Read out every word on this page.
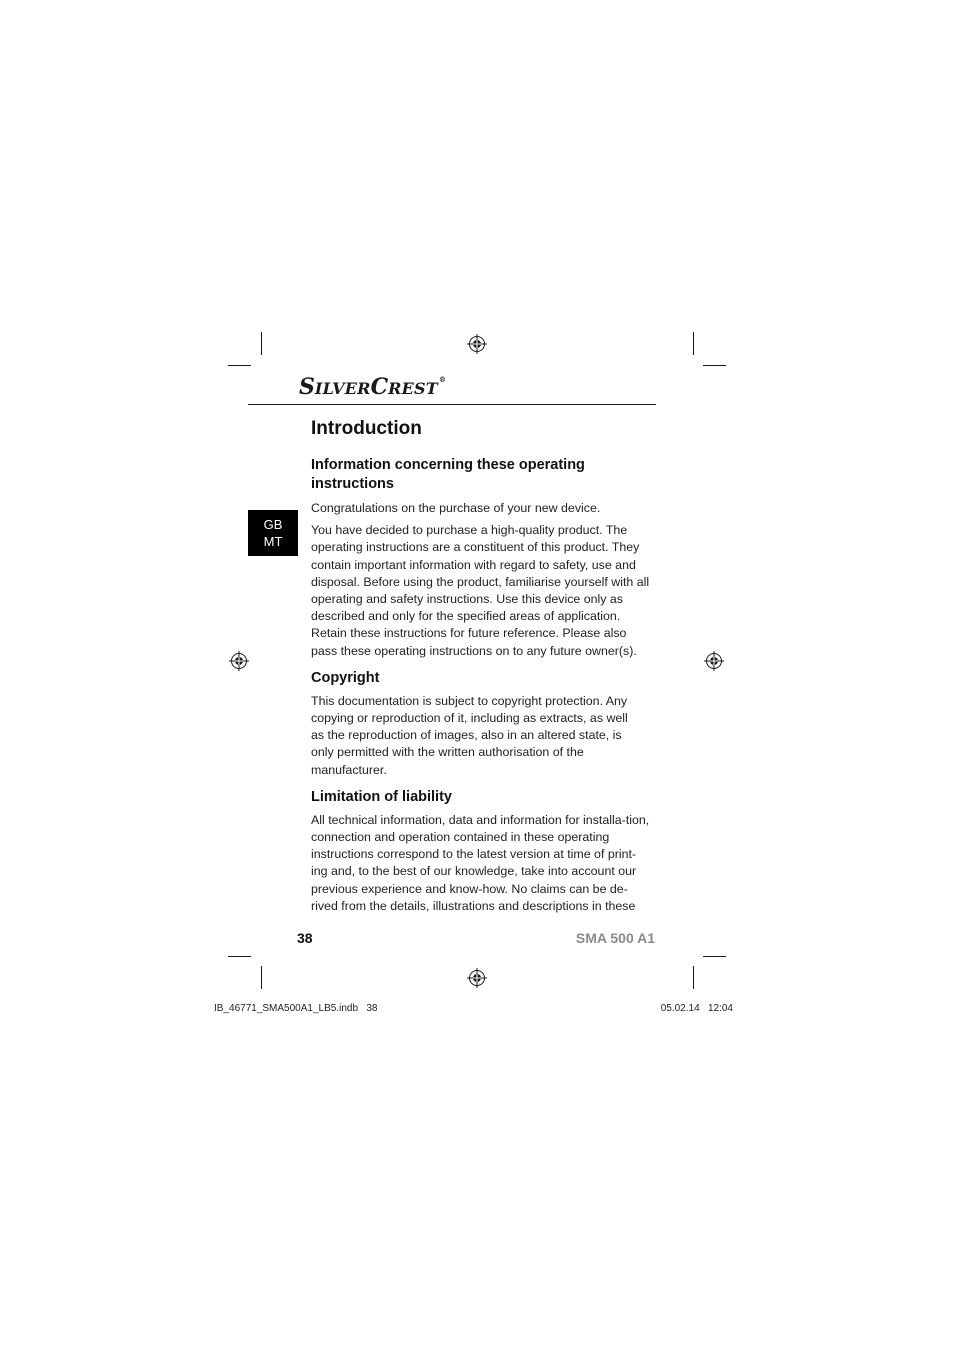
SILVERCREST®
GB
MT
Introduction
Information concerning these operating instructions

Congratulations on the purchase of your new device.

You have decided to purchase a high-quality product. The operating instructions are a constituent of this product. They contain important information with regard to safety, use and disposal. Before using the product, familiarise yourself with all operating and safety instructions. Use this device only as described and only for the specified areas of application. Retain these instructions for future reference. Please also pass these operating instructions on to any future owner(s).

Copyright

This documentation is subject to copyright protection. Any copying or reproduction of it, including as extracts, as well as the reproduction of images, also in an altered state, is only permitted with the written authorisation of the manufacturer.

Limitation of liability

All technical information, data and information for installa-tion, connection and operation contained in these operating instructions correspond to the latest version at time of print-ing and, to the best of our knowledge, take into account our previous experience and know-how. No claims can be de-rived from the details, illustrations and descriptions in these

38	SMA 500 A1
IB_46771_SMA500A1_LB5.indb   38	05.02.14   12:04
